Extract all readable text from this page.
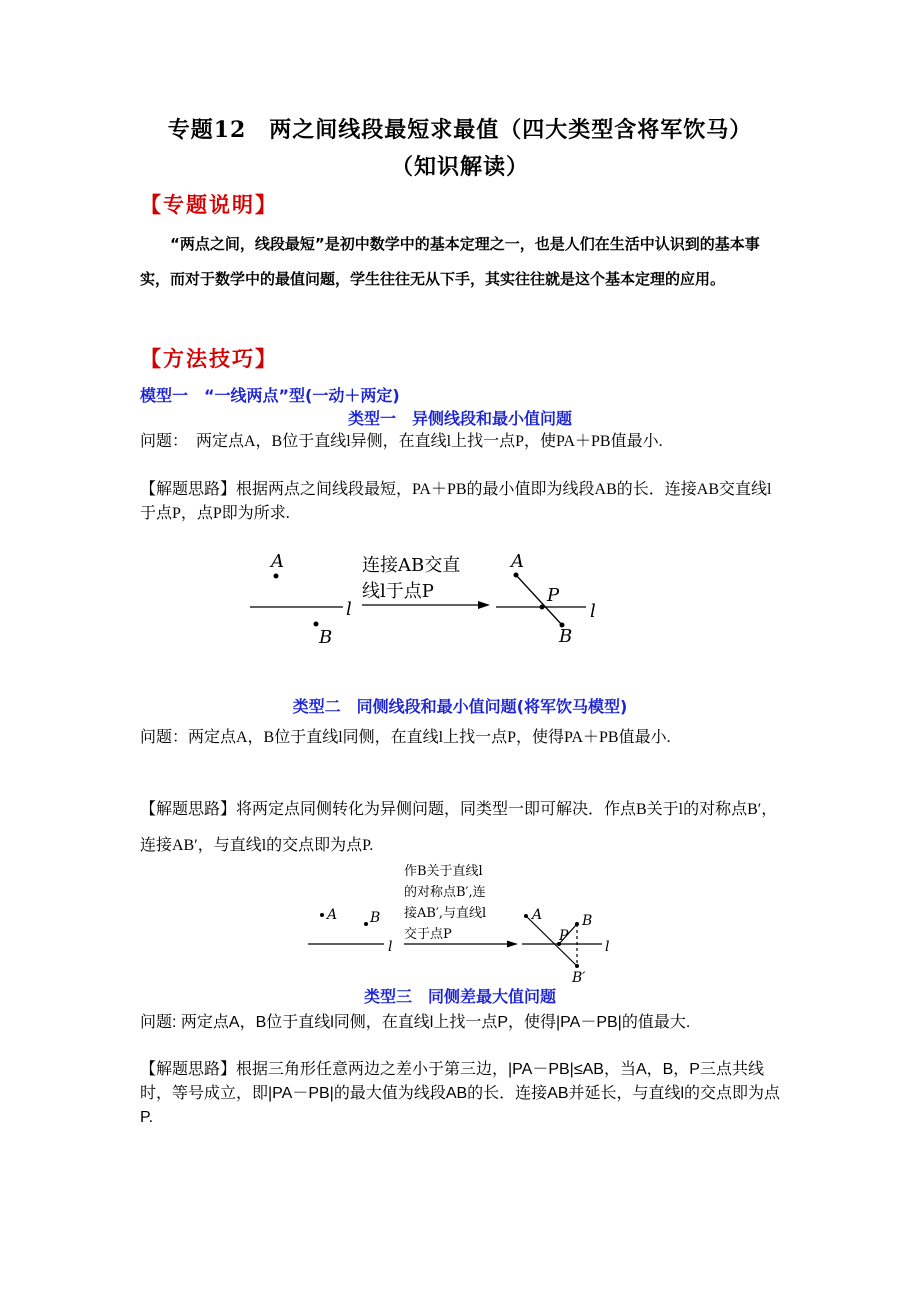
专题12　两之间线段最短求最值（四大类型含将军饮马）
（知识解读）
【专题说明】
“两点之间，线段最短”是初中数学中的基本定理之一，也是人们在生活中认识到的基本事实，而对于数学中的最值问题，学生往往无从下手，其实往往就是这个基本定理的应用。
【方法技巧】
模型一　“一线两点”型(一动＋两定)
类型一　异侧线段和最小值问题
问题：　两定点A，B位于直线l异侧，在直线l上找一点P，使PA＋PB值最小.
【解题思路】根据两点之间线段最短，PA＋PB的最小值即为线段AB的长．连接AB交直线l　于点P，点P即为所求.
A
l
B
连接AB交直
线l于点P
A
l
P
B
类型二　同侧线段和最小值问题(将军饮马模型)
问题：两定点A，B位于直线l同侧，在直线l上找一点P，使得PA＋PB值最小.
【解题思路】将两定点同侧转化为异侧问题，同类型一即可解决．作点B关于l的对称点B′，连接AB′，与直线l的交点即为点P.
A B
l
作B关于直线l
的对称点B′,连
接AB′,与直线l
交于点P
A
l
B
P
B′
类型三　同侧差最大值问题
问题: 两定点A，B位于直线l同侧，在直线l上找一点P，使得|PA－PB|的值最大.
【解题思路】根据三角形任意两边之差小于第三边，|PA－PB|≤AB，当A，B，P三点共线时，等号成立，即|PA－PB|的最大值为线段AB的长．连接AB并延长，与直线l的交点即为点P.
